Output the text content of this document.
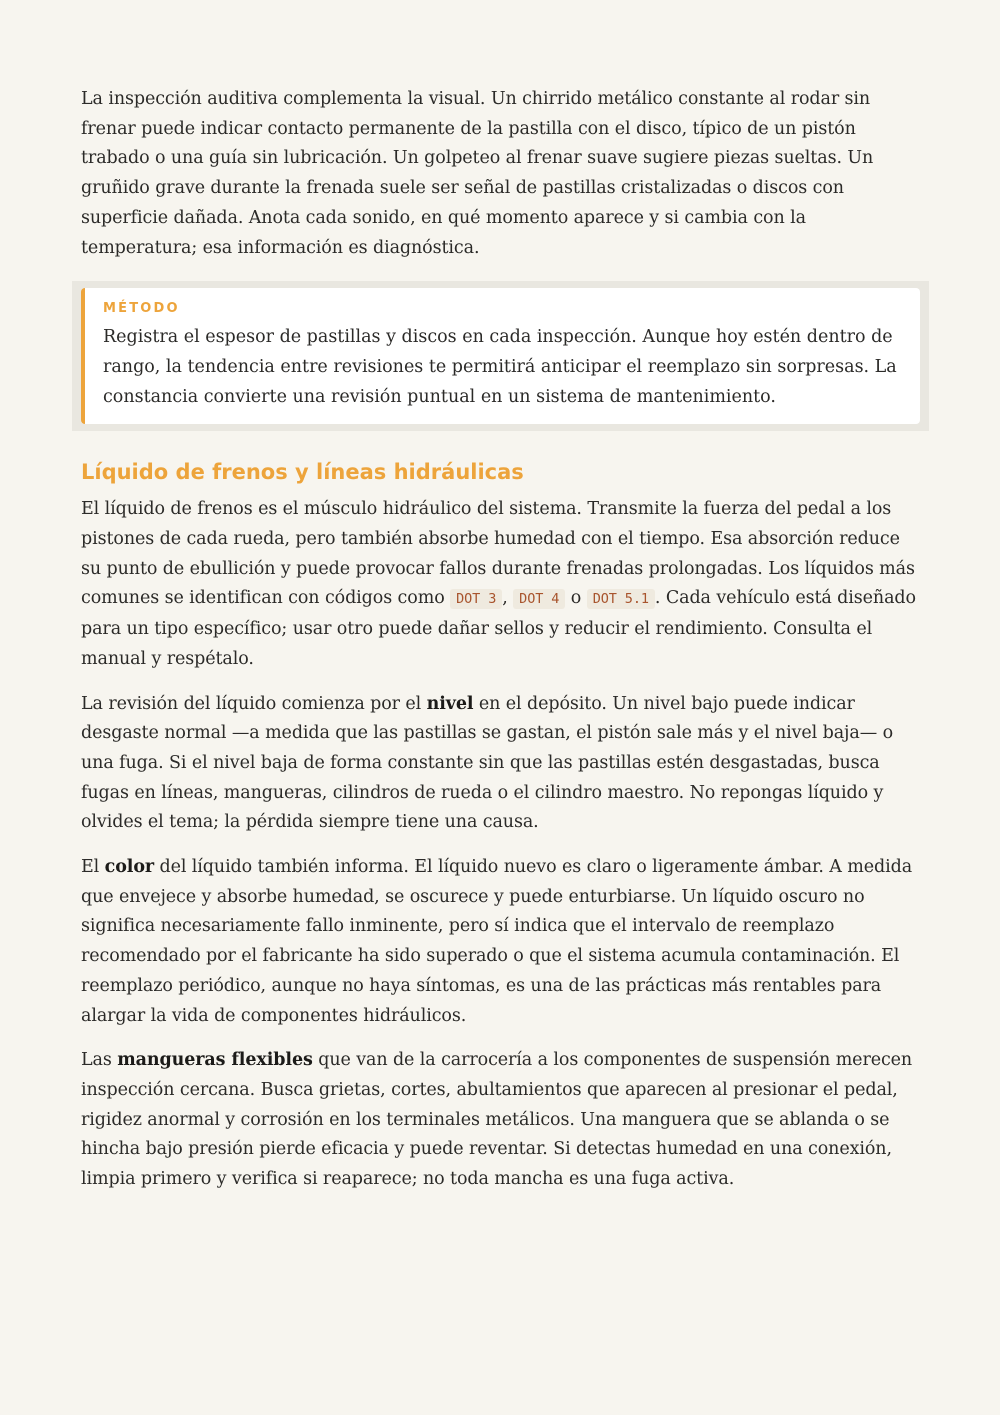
La inspección auditiva complementa la visual. Un chirrido metálico constante al rodar sin frenar puede indicar contacto permanente de la pastilla con el disco, típico de un pistón trabado o una guía sin lubricación. Un golpeteo al frenar suave sugiere piezas sueltas. Un gruñido grave durante la frenada suele ser señal de pastillas cristalizadas o discos con superficie dañada. Anota cada sonido, en qué momento aparece y si cambia con la temperatura; esa información es diagnóstica.

MÉTODO
Registra el espesor de pastillas y discos en cada inspección. Aunque hoy estén dentro de rango, la tendencia entre revisiones te permitirá anticipar el reemplazo sin sorpresas. La constancia convierte una revisión puntual en un sistema de mantenimiento.
Líquido de frenos y líneas hidráulicas

El líquido de frenos es el músculo hidráulico del sistema. Transmite la fuerza del pedal a los pistones de cada rueda, pero también absorbe humedad con el tiempo. Esa absorción reduce su punto de ebullición y puede provocar fallos durante frenadas prolongadas. Los líquidos más comunes se identifican con códigos como DOT 3 , DOT 4 o DOT 5.1 . Cada vehículo está diseñado para un tipo específico; usar otro puede dañar sellos y reducir el rendimiento. Consulta el manual y respétalo.

La revisión del líquido comienza por el nivel en el depósito. Un nivel bajo puede indicar desgaste normal —a medida que las pastillas se gastan, el pistón sale más y el nivel baja— o una fuga. Si el nivel baja de forma constante sin que las pastillas estén desgastadas, busca fugas en líneas, mangueras, cilindros de rueda o el cilindro maestro. No repongas líquido y olvides el tema; la pérdida siempre tiene una causa.

El color del líquido también informa. El líquido nuevo es claro o ligeramente ámbar. A medida que envejece y absorbe humedad, se oscurece y puede enturbiarse. Un líquido oscuro no significa necesariamente fallo inminente, pero sí indica que el intervalo de reemplazo recomendado por el fabricante ha sido superado o que el sistema acumula contaminación. El reemplazo periódico, aunque no haya síntomas, es una de las prácticas más rentables para alargar la vida de componentes hidráulicos.

Las mangueras flexibles que van de la carrocería a los componentes de suspensión merecen inspección cercana. Busca grietas, cortes, abultamientos que aparecen al presionar el pedal, rigidez anormal y corrosión en los terminales metálicos. Una manguera que se ablanda o se hincha bajo presión pierde eficacia y puede reventar. Si detectas humedad en una conexión, limpia primero y verifica si reaparece; no toda mancha es una fuga activa.
